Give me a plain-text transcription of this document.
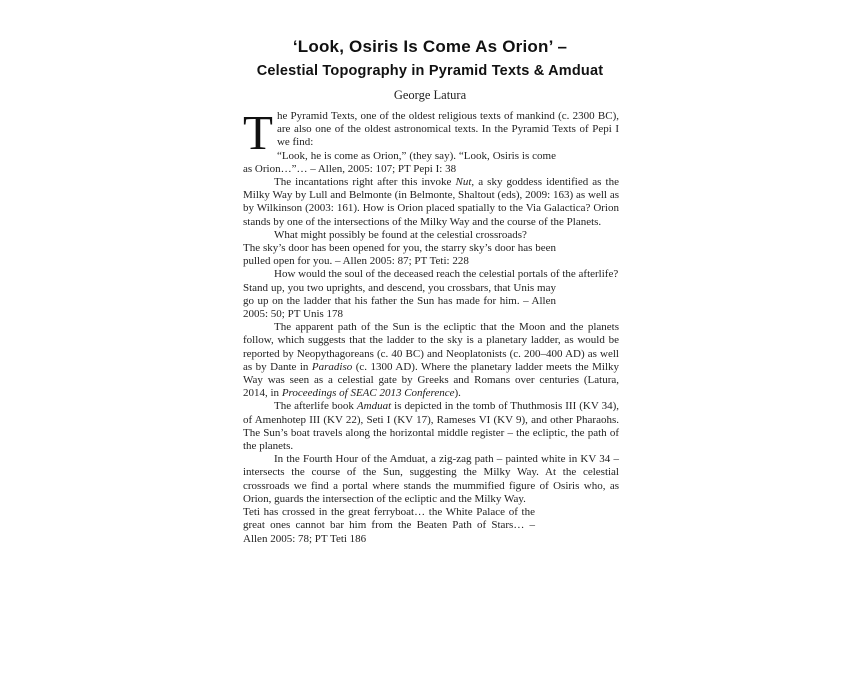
‘Look, Osiris Is Come As Orion’ –
Celestial Topography in Pyramid Texts & Amduat
George Latura

The Pyramid Texts, one of the oldest religious texts of mankind (c. 2300 BC), are also one of the oldest astronomical texts. In the Pyramid Texts of Pepi I we find:

“Look, he is come as Orion,” (they say). “Look, Osiris is come as Orion…”… – Allen, 2005: 107; PT Pepi I: 38

The incantations right after this invoke Nut, a sky goddess identified as the Milky Way by Lull and Belmonte (in Belmonte, Shaltout (eds), 2009: 163) as well as by Wilkinson (2003: 161). How is Orion placed spatially to the Via Galactica? Orion stands by one of the intersections of the Milky Way and the course of the Planets.

What might possibly be found at the celestial crossroads?

The sky’s door has been opened for you, the starry sky’s door has been pulled open for you. – Allen 2005: 87; PT Teti: 228

How would the soul of the deceased reach the celestial portals of the afterlife?

Stand up, you two uprights, and descend, you crossbars, that Unis may go up on the ladder that his father the Sun has made for him. – Allen 2005: 50; PT Unis 178

The apparent path of the Sun is the ecliptic that the Moon and the planets follow, which suggests that the ladder to the sky is a planetary ladder, as would be reported by Neopythagoreans (c. 40 BC) and Neoplatonists (c. 200–400 AD) as well as by Dante in Paradiso (c. 1300 AD). Where the planetary ladder meets the Milky Way was seen as a celestial gate by Greeks and Romans over centuries (Latura, 2014, in Proceedings of SEAC 2013 Conference).

The afterlife book Amduat is depicted in the tomb of Thuthmosis III (KV 34), of Amenhotep III (KV 22), Seti I (KV 17), Rameses VI (KV 9), and other Pharaohs. The Sun’s boat travels along the horizontal middle register – the ecliptic, the path of the planets.

In the Fourth Hour of the Amduat, a zig-zag path – painted white in KV 34 – intersects the course of the Sun, suggesting the Milky Way. At the celestial crossroads we find a portal where stands the mummified figure of Osiris who, as Orion, guards the intersection of the ecliptic and the Milky Way.

Teti has crossed in the great ferryboat… the White Palace of the great ones cannot bar him from the Beaten Path of Stars… – Allen 2005: 78; PT Teti 186
